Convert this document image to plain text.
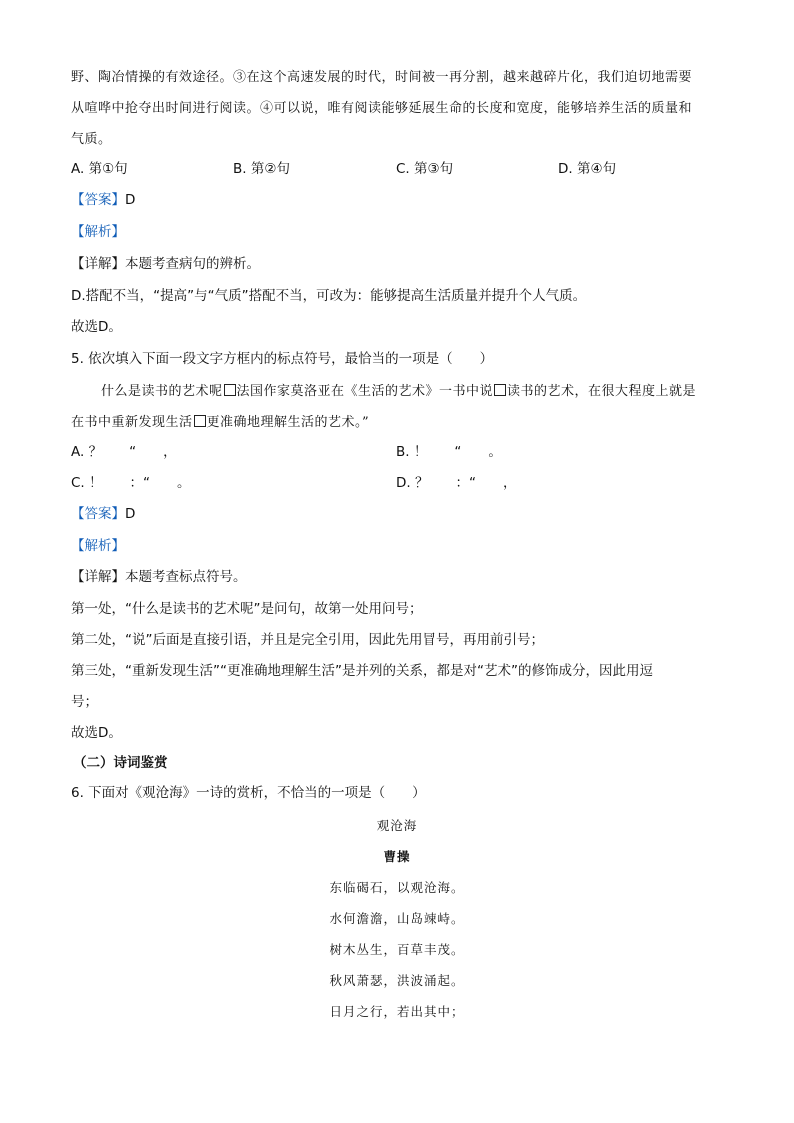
野、陶冶情操的有效途径。③在这个高速发展的时代，时间被一再分割，越来越碎片化，我们迫切地需要
从喧哗中抢夺出时间进行阅读。④可以说，唯有阅读能够延展生命的长度和宽度，能够培养生活的质量和
气质。
A. 第①句	B. 第②句	C. 第③句	D. 第④句
【答案】D
【解析】
【详解】本题考查病句的辨析。
D.搭配不当，“提高”与“气质”搭配不当，可改为：能够提高生活质量并提升个人气质。
故选D。
5. 依次填入下面一段文字方框内的标点符号，最恰当的一项是（　　）
什么是读书的艺术呢 法国作家莫洛亚在《生活的艺术》一书中说 读书的艺术，在很大程度上就是
在书中重新发现生活 更准确地理解生活的艺术。”
A. ？　　“　　，	B. ！　　“　　。
C. ！　　：“　　。	D. ？　　：“　　，
【答案】D
【解析】
【详解】本题考查标点符号。
第一处，“什么是读书的艺术呢”是问句，故第一处用问号；
第二处，“说”后面是直接引语，并且是完全引用，因此先用冒号，再用前引号；
第三处，“重新发现生活”“更准确地理解生活”是并列的关系，都是对“艺术”的修饰成分，因此用逗
号；
故选D。
（二）诗词鉴赏
6. 下面对《观沧海》一诗的赏析，不恰当的一项是（　　）
观沧海
曹操
东临碣石，以观沧海。
水何澹澹，山岛竦峙。
树木丛生，百草丰茂。
秋风萧瑟，洪波涌起。
日月之行，若出其中；
